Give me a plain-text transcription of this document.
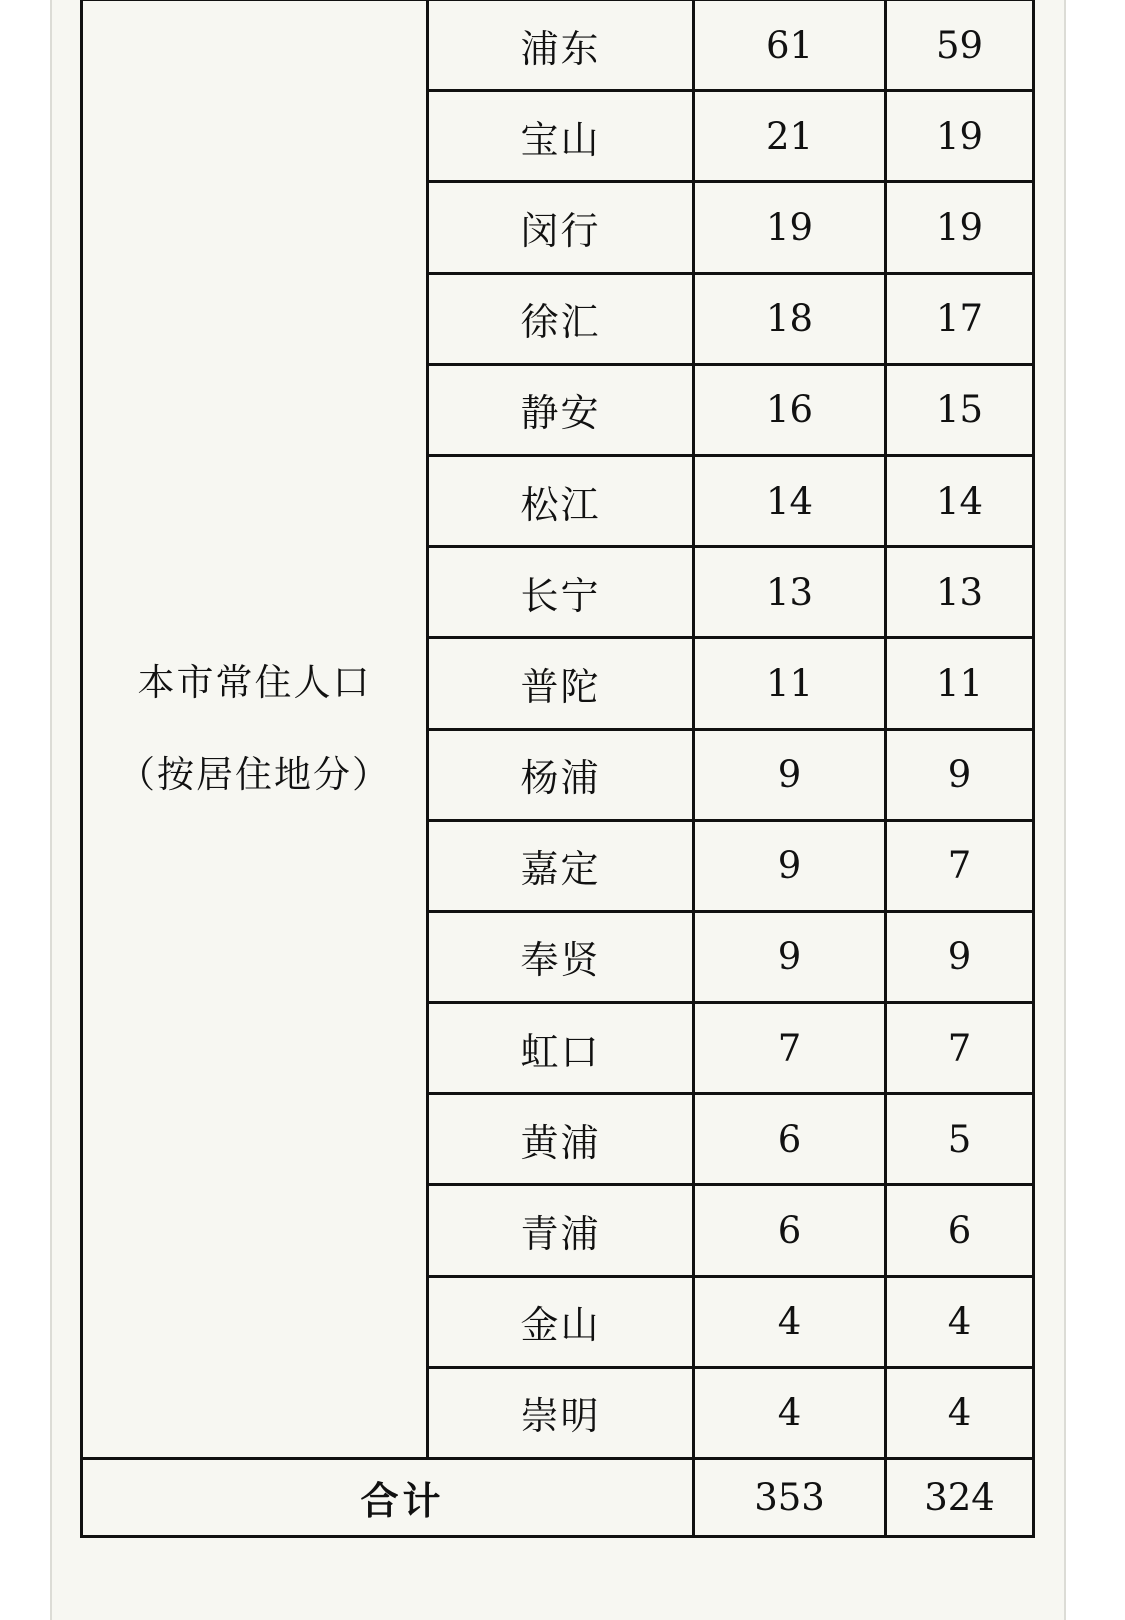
本市常住人口
（按居住地分）
浦东	61	59
宝山	21	19
闵行	19	19
徐汇	18	17
静安	16	15
松江	14	14
长宁	13	13
普陀	11	11
杨浦	9	9
嘉定	9	7
奉贤	9	9
虹口	7	7
黄浦	6	5
青浦	6	6
金山	4	4
崇明	4	4
合计	353	324
